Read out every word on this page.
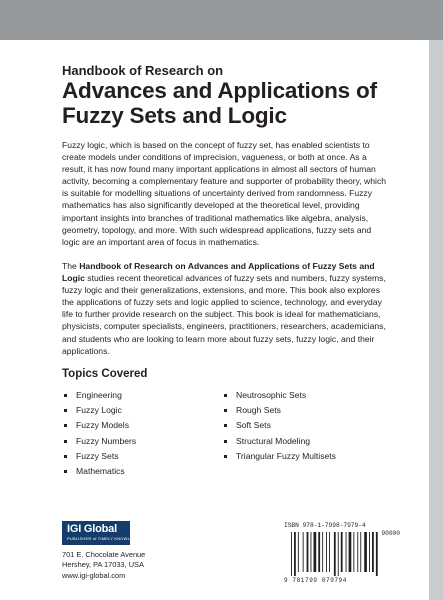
Handbook of Research on
Advances and Applications of
Fuzzy Sets and Logic

Fuzzy logic, which is based on the concept of fuzzy set, has enabled scientists to create models under conditions of imprecision, vagueness, or both at once. As a result, it has now found many important applications in almost all sectors of human activity, becoming a complementary feature and supporter of probability theory, which is suitable for modelling situations of uncertainty derived from randomness. Fuzzy mathematics has also significantly developed at the theoretical level, providing important insights into branches of traditional mathematics like algebra, analysis, geometry, topology, and more. With such widespread applications, fuzzy sets and logic are an important area of focus in mathematics.

The Handbook of Research on Advances and Applications of Fuzzy Sets and Logic studies recent theoretical advances of fuzzy sets and numbers, fuzzy systems, fuzzy logic and their generalizations, extensions, and more. This book also explores the applications of fuzzy sets and logic applied to science, technology, and everyday life to further provide research on the subject. This book is ideal for mathematicians, physicists, computer specialists, engineers, practitioners, researchers, academicians, and students who are looking to learn more about fuzzy sets, fuzzy logic, and their applications.

Topics Covered
Engineering
Fuzzy Logic
Fuzzy Models
Fuzzy Numbers
Fuzzy Sets
Mathematics
Neutrosophic Sets
Rough Sets
Soft Sets
Structural Modeling
Triangular Fuzzy Multisets
IGI Global
PUBLISHER of TIMELY KNOWLEDGE
701 E. Chocolate Avenue
Hershey, PA 17033, USA
www.igi-global.com
ISBN 978-1-7998-7979-4
90000
9 781799 879794
